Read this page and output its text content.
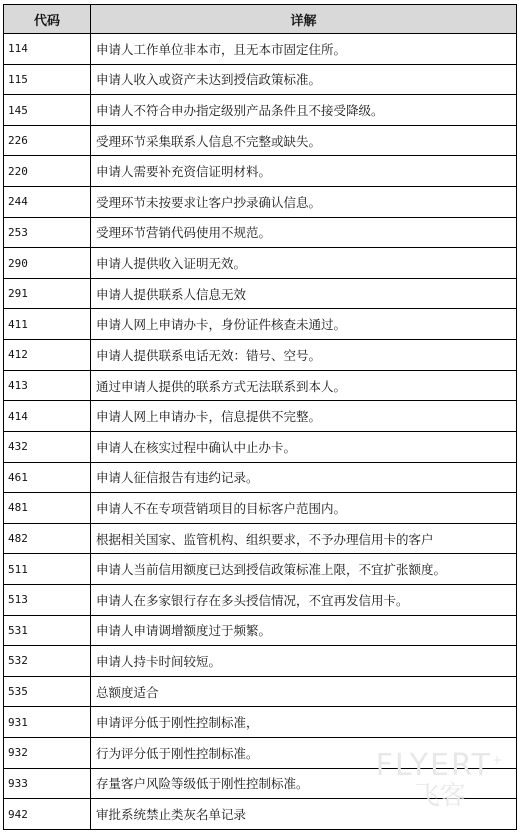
代码	详解
114	申请人工作单位非本市，且无本市固定住所。
115	申请人收入或资产未达到授信政策标准。
145	申请人不符合申办指定级别产品条件且不接受降级。
226	受理环节采集联系人信息不完整或缺失。
220	申请人需要补充资信证明材料。
244	受理环节未按要求让客户抄录确认信息。
253	受理环节营销代码使用不规范。
290	申请人提供收入证明无效。
291	申请人提供联系人信息无效
411	申请人网上申请办卡，身份证件核查未通过。
412	申请人提供联系电话无效：错号、空号。
413	通过申请人提供的联系方式无法联系到本人。
414	申请人网上申请办卡，信息提供不完整。
432	申请人在核实过程中确认中止办卡。
461	申请人征信报告有违约记录。
481	申请人不在专项营销项目的目标客户范围内。
482	根据相关国家、监管机构、组织要求，不予办理信用卡的客户
511	申请人当前信用额度已达到授信政策标准上限，不宜扩张额度。
513	申请人在多家银行存在多头授信情况，不宜再发信用卡。
531	申请人申请调增额度过于频繁。
532	申请人持卡时间较短。
535	总额度适合
931	申请评分低于刚性控制标准，
932	行为评分低于刚性控制标准。
933	存量客户风险等级低于刚性控制标准。
942	审批系统禁止类灰名单记录
FLYERT+
飞客
